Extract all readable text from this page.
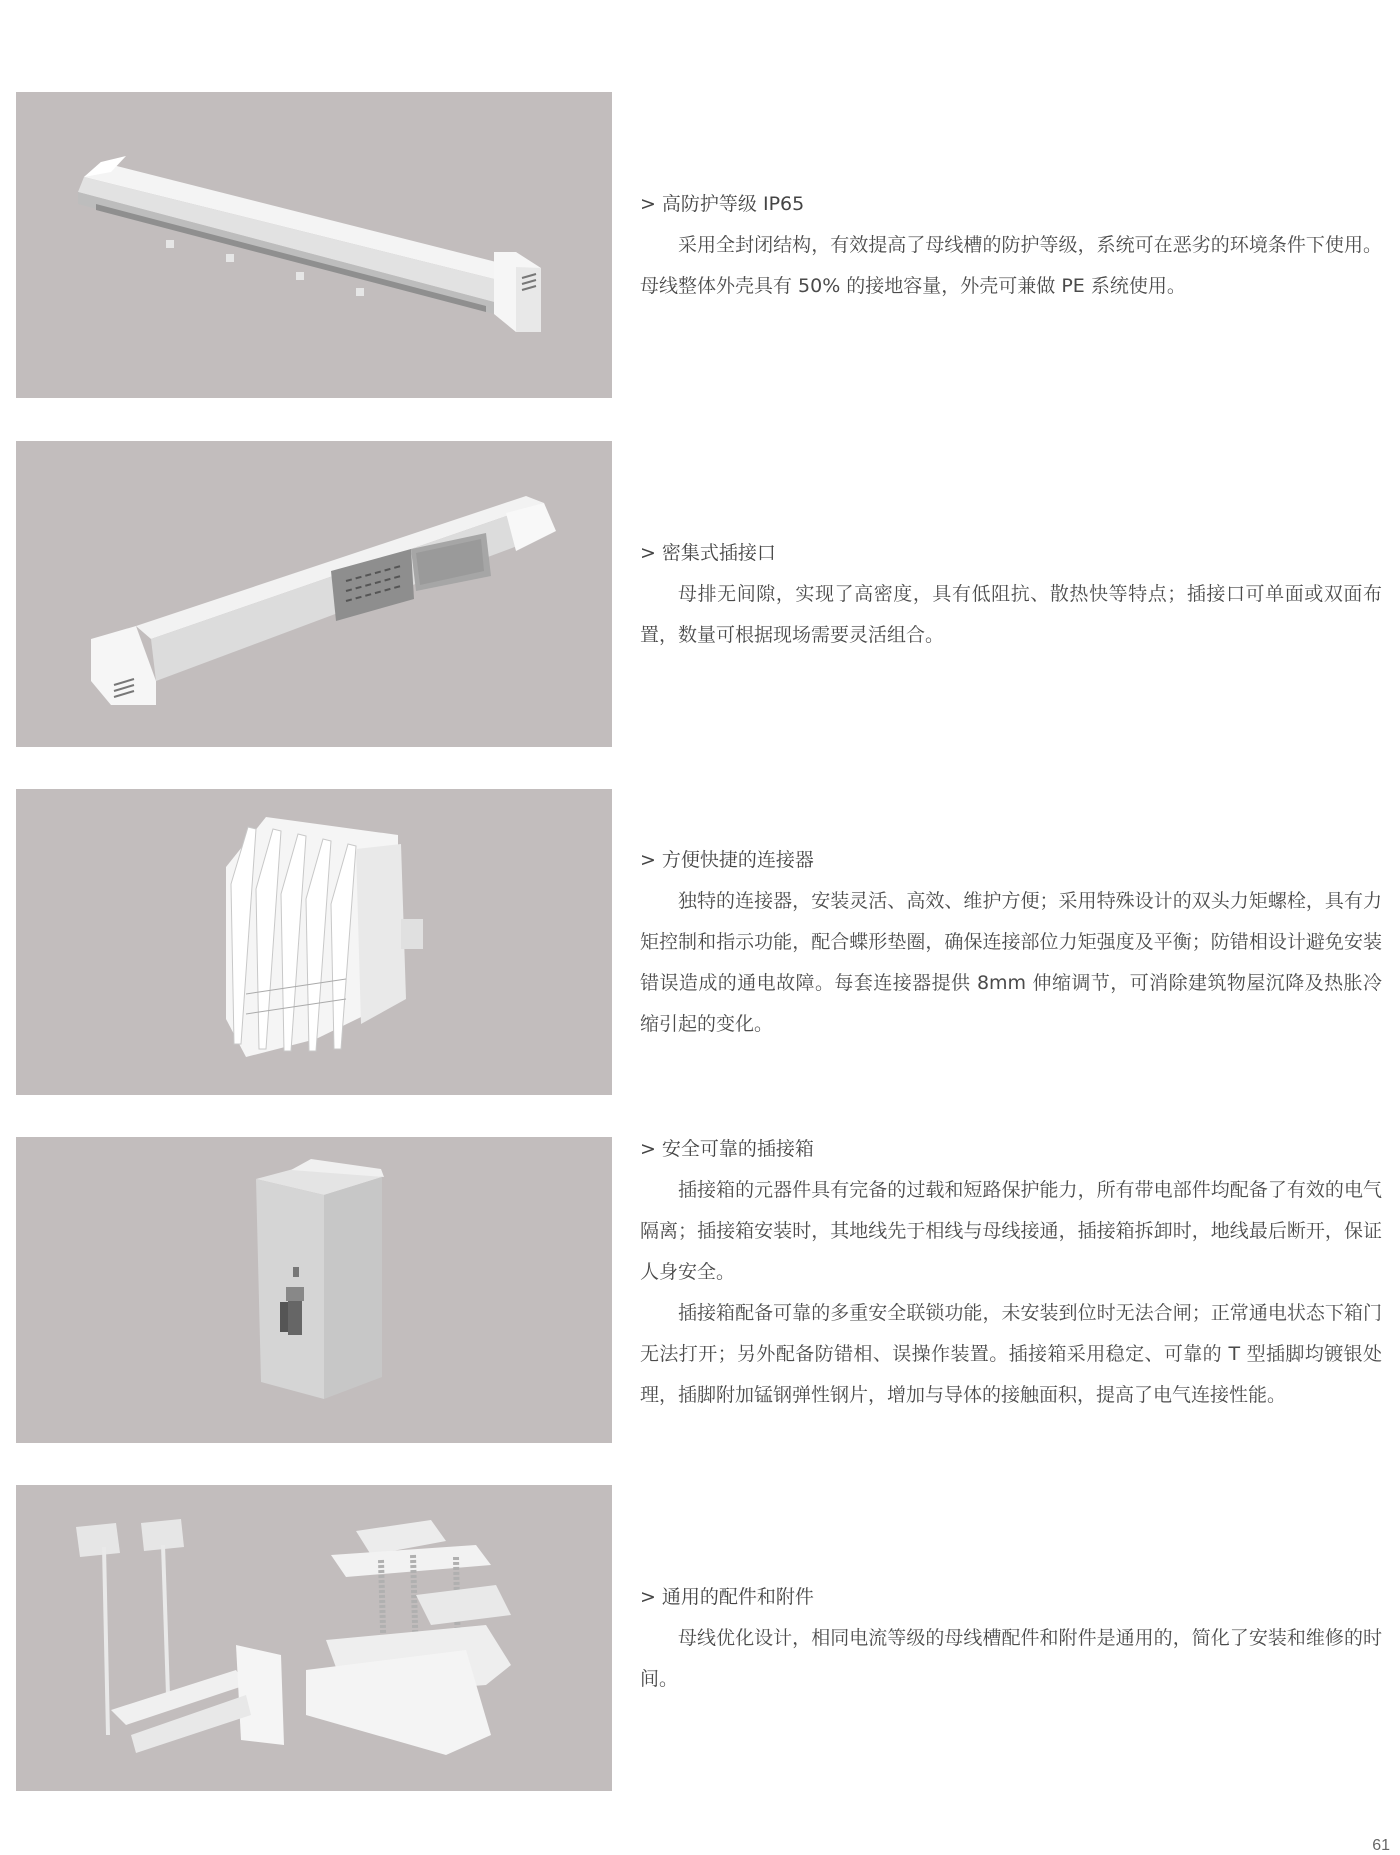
> 高防护等级 IP65

采用全封闭结构，有效提高了母线槽的防护等级，系统可在恶劣的环境条件下使用。母线整体外壳具有 50% 的接地容量，外壳可兼做 PE 系统使用。

> 密集式插接口

母排无间隙，实现了高密度，具有低阻抗、散热快等特点；插接口可单面或双面布置，数量可根据现场需要灵活组合。

> 方便快捷的连接器

独特的连接器，安装灵活、高效、维护方便；采用特殊设计的双头力矩螺栓，具有力矩控制和指示功能，配合蝶形垫圈，确保连接部位力矩强度及平衡；防错相设计避免安装错误造成的通电故障。每套连接器提供 8mm 伸缩调节，可消除建筑物屋沉降及热胀冷缩引起的变化。

> 安全可靠的插接箱

插接箱的元器件具有完备的过载和短路保护能力，所有带电部件均配备了有效的电气隔离；插接箱安装时，其地线先于相线与母线接通，插接箱拆卸时，地线最后断开，保证人身安全。

插接箱配备可靠的多重安全联锁功能，未安装到位时无法合闸；正常通电状态下箱门无法打开；另外配备防错相、误操作装置。插接箱采用稳定、可靠的 T 型插脚均镀银处理，插脚附加锰钢弹性钢片，增加与导体的接触面积，提高了电气连接性能。

> 通用的配件和附件

母线优化设计，相同电流等级的母线槽配件和附件是通用的，简化了安装和维修的时间。

61
